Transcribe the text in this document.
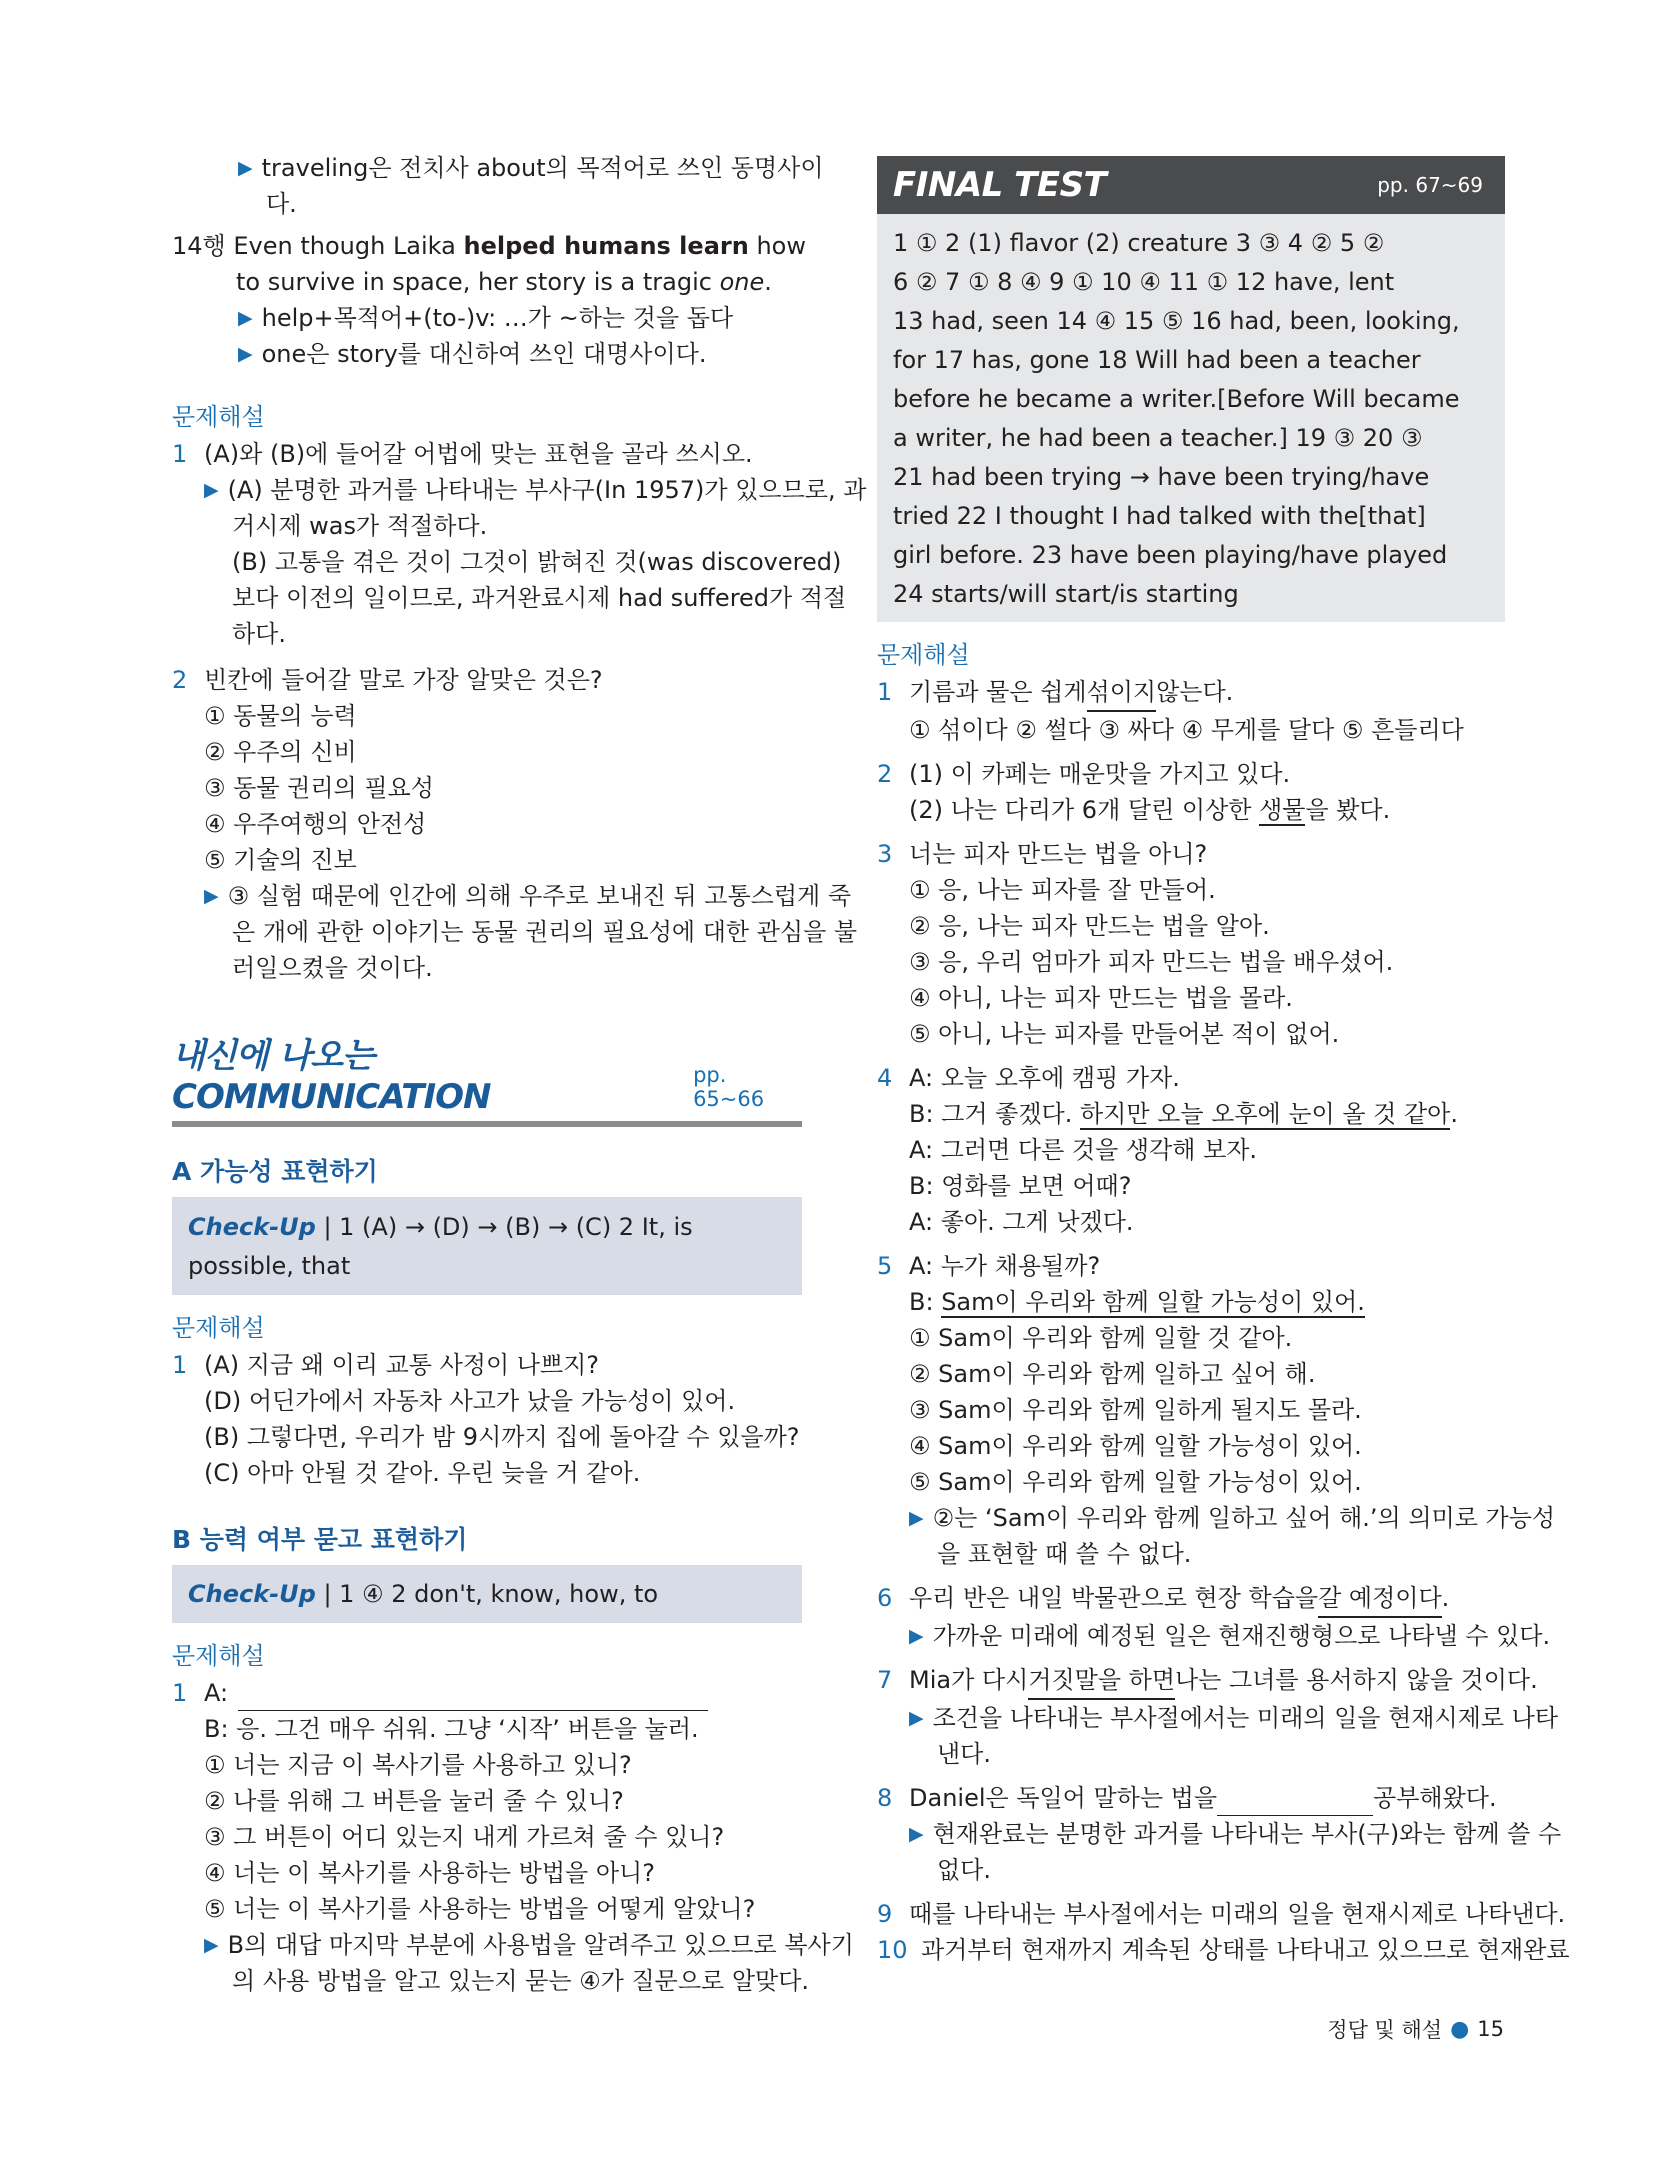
▶ traveling은 전치사 about의 목적어로 쓰인 동명사이
다.
14행 Even though Laika helped humans learn how
to survive in space, her story is a tragic one.
▶ help+목적어+(to-)v: …가 ~하는 것을 돕다
▶ one은 story를 대신하여 쓰인 대명사이다.
문제해설
1 (A)와 (B)에 들어갈 어법에 맞는 표현을 골라 쓰시오.
▶ (A) 분명한 과거를 나타내는 부사구(In 1957)가 있으므로, 과
거시제 was가 적절하다.
(B) 고통을 겪은 것이 그것이 밝혀진 것(was discovered)
보다 이전의 일이므로, 과거완료시제 had suffered가 적절
하다.
2 빈칸에 들어갈 말로 가장 알맞은 것은?
① 동물의 능력
② 우주의 신비
③ 동물 권리의 필요성
④ 우주여행의 안전성
⑤ 기술의 진보
▶ ③ 실험 때문에 인간에 의해 우주로 보내진 뒤 고통스럽게 죽
은 개에 관한 이야기는 동물 권리의 필요성에 대한 관심을 불
러일으켰을 것이다.
내신에 나오는 COMMUNICATION
pp. 65~66
A 가능성 표현하기
Check-Up | 1 (A) → (D) → (B) → (C) 2 It, is
possible, that
문제해설
1 (A) 지금 왜 이리 교통 사정이 나쁘지?
(D) 어딘가에서 자동차 사고가 났을 가능성이 있어.
(B) 그렇다면, 우리가 밤 9시까지 집에 돌아갈 수 있을까?
(C) 아마 안될 것 같아. 우린 늦을 거 같아.
B 능력 여부 묻고 표현하기
Check-Up | 1 ④ 2 don't, know, how, to
문제해설
1 A:
B: 응. 그건 매우 쉬워. 그냥 ‘시작’ 버튼을 눌러.
① 너는 지금 이 복사기를 사용하고 있니?
② 나를 위해 그 버튼을 눌러 줄 수 있니?
③ 그 버튼이 어디 있는지 내게 가르쳐 줄 수 있니?
④ 너는 이 복사기를 사용하는 방법을 아니?
⑤ 너는 이 복사기를 사용하는 방법을 어떻게 알았니?
▶ B의 대답 마지막 부분에 사용법을 알려주고 있으므로 복사기
의 사용 방법을 알고 있는지 묻는 ④가 질문으로 알맞다.
FINAL TEST	pp. 67~69
1 ① 2 (1) flavor (2) creature 3 ③ 4 ② 5 ②
6 ② 7 ① 8 ④ 9 ① 10 ④ 11 ① 12 have, lent
13 had, seen 14 ④ 15 ⑤ 16 had, been, looking,
for 17 has, gone 18 Will had been a teacher
before he became a writer.[Before Will became
a writer, he had been a teacher.] 19 ③ 20 ③
21 had been trying → have been trying/have
tried 22 I thought I had talked with the[that]
girl before. 23 have been playing/have played
24 starts/will start/is starting
문제해설
1 기름과 물은 쉽게 섞이지 않는다.
① 섞이다 ② 썰다 ③ 싸다 ④ 무게를 달다 ⑤ 흔들리다
2 (1) 이 카페는 매운맛을 가지고 있다.
(2) 나는 다리가 6개 달린 이상한 생물을 봤다.
3 너는 피자 만드는 법을 아니?
① 응, 나는 피자를 잘 만들어.
② 응, 나는 피자 만드는 법을 알아.
③ 응, 우리 엄마가 피자 만드는 법을 배우셨어.
④ 아니, 나는 피자 만드는 법을 몰라.
⑤ 아니, 나는 피자를 만들어본 적이 없어.
4 A: 오늘 오후에 캠핑 가자.
B: 그거 좋겠다. 하지만 오늘 오후에 눈이 올 것 같아.
A: 그러면 다른 것을 생각해 보자.
B: 영화를 보면 어때?
A: 좋아. 그게 낫겠다.
5 A: 누가 채용될까?
B: Sam이 우리와 함께 일할 가능성이 있어.
① Sam이 우리와 함께 일할 것 같아.
② Sam이 우리와 함께 일하고 싶어 해.
③ Sam이 우리와 함께 일하게 될지도 몰라.
④ Sam이 우리와 함께 일할 가능성이 있어.
⑤ Sam이 우리와 함께 일할 가능성이 있어.
▶ ②는 ‘Sam이 우리와 함께 일하고 싶어 해.’의 의미로 가능성
을 표현할 때 쓸 수 없다.
6 우리 반은 내일 박물관으로 현장 학습을 갈 예정이다 .
▶ 가까운 미래에 예정된 일은 현재진행형으로 나타낼 수 있다.
7 Mia가 다시 거짓말을 하면 나는 그녀를 용서하지 않을 것이다.
▶ 조건을 나타내는 부사절에서는 미래의 일을 현재시제로 나타
낸다.
8 Daniel은 독일어 말하는 법을	공부해왔다.
▶ 현재완료는 분명한 과거를 나타내는 부사(구)와는 함께 쓸 수
없다.
9 때를 나타내는 부사절에서는 미래의 일을 현재시제로 나타낸다.
10 과거부터 현재까지 계속된 상태를 나타내고 있으므로 현재완료
정답 및 해설 ● 15
